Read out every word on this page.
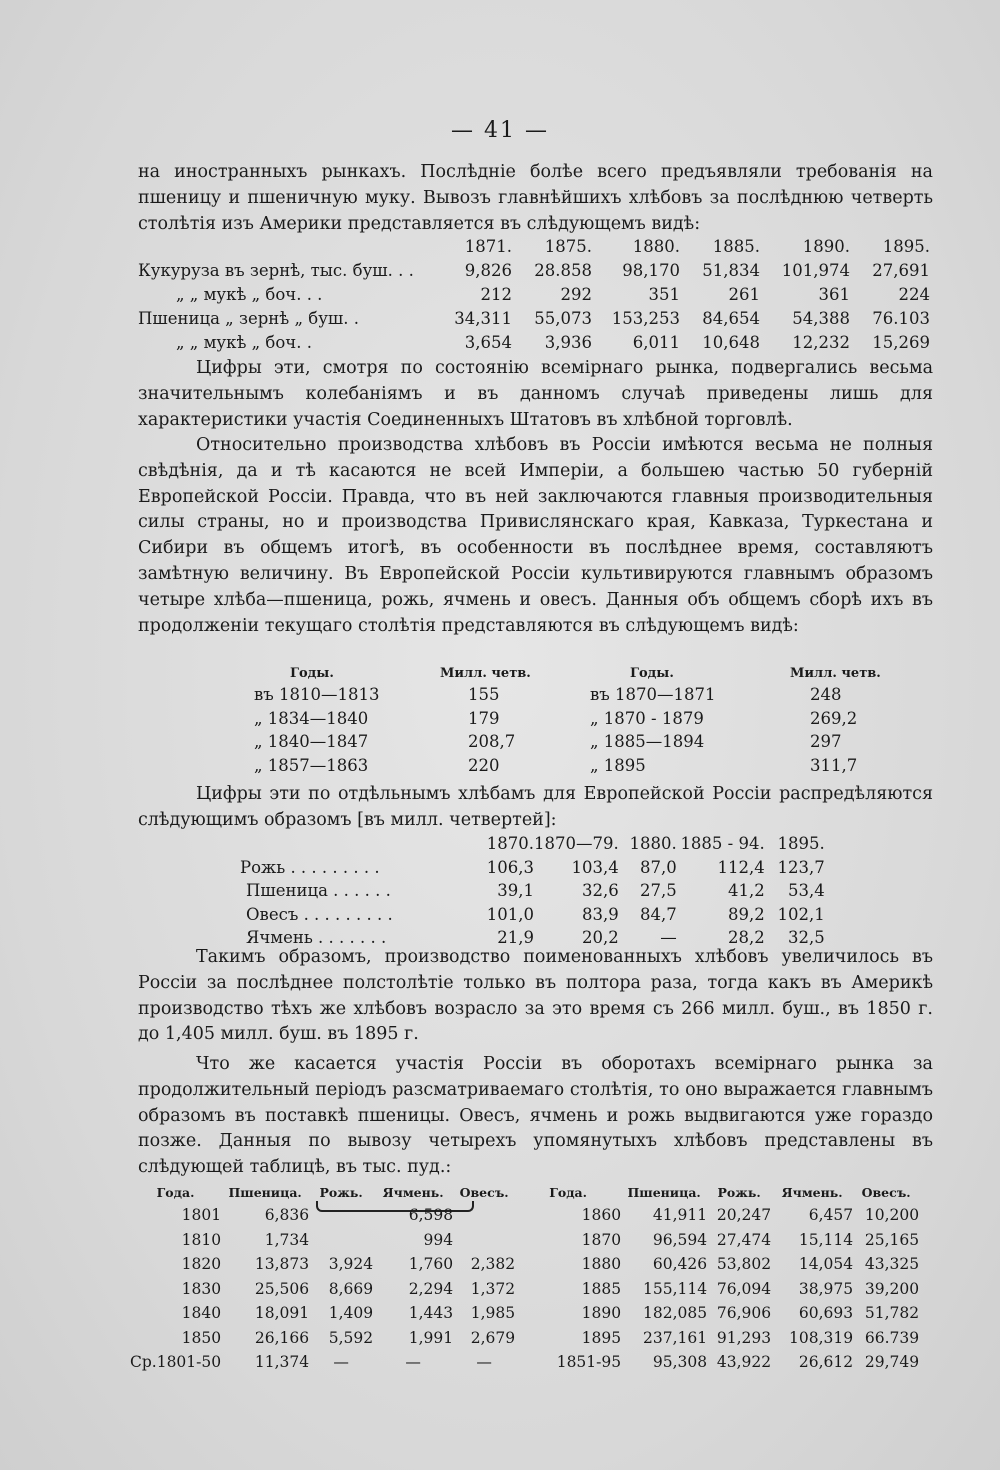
— 41 —
на иностранныхъ рынкахъ. Послѣднiе болѣе всего предъявляли требованiя на пшеницу и пшеничную муку. Вывозъ главнѣйшихъ хлѣбовъ за послѣднюю четверть столѣтiя изъ Америки представляется въ слѣдующемъ видѣ:
	1871.	1875.	1880.	1885.	1890.	1895.
Кукуруза въ зернѣ, тыс. буш. . .	9,826	28.858	98,170	51,834	101,974	27,691
„ „ мукѣ „ боч. . .	212	292	351	261	361	224
Пшеница „ зернѣ „ буш. .	34,311	55,073	153,253	84,654	54,388	76.103
„ „ мукѣ „ боч. .	3,654	3,936	6,011	10,648	12,232	15,269
Цифры эти, смотря по состоянiю всемiрнаго рынка, подвергались весьма значительнымъ колебанiямъ и въ данномъ случаѣ приведены лишь для характеристики участiя Соединенныхъ Штатовъ въ хлѣбной торговлѣ.
Относительно производства хлѣбовъ въ Россiи имѣются весьма не полныя свѣдѣнiя, да и тѣ касаются не всей Имперiи, а большею частью 50 губернiй Европейской Россiи. Правда, что въ ней заключаются главныя производительныя силы страны, но и производства Привислянскаго края, Кавказа, Туркестана и Сибири въ общемъ итогѣ, въ особенности въ послѣднее время, составляютъ замѣтную величину. Въ Европейской Россiи культивируются главнымъ образомъ четыре хлѣба—пшеница, рожь, ячмень и овесъ. Данныя объ общемъ сборѣ ихъ въ продолженiи текущаго столѣтiя представляются въ слѣдующемъ видѣ:
Годы.	Милл. четв.
въ 1810—1813	155
„ 1834—1840	179
„ 1840—1847	208,7
„ 1857—1863	220
Годы.	Милл. четв.
въ 1870—1871	248
„ 1870 - 1879	269,2
„ 1885—1894	297
„ 1895	311,7
Цифры эти по отдѣльнымъ хлѣбамъ для Европейской Россiи распредѣляются слѣдующимъ образомъ [въ милл. четвертей]:
	1870.	1870—79.	1880.	1885 - 94.	1895.
Рожь . . . . . . . . .	106,3	103,4	87,0	112,4	123,7
Пшеница . . . . . .	39,1	32,6	27,5	41,2	53,4
Овесъ . . . . . . . . .	101,0	83,9	84,7	89,2	102,1
Ячмень . . . . . . .	21,9	20,2	—	28,2	32,5
Такимъ образомъ, производство поименованныхъ хлѣбовъ увеличилось въ Россiи за послѣднее полстолѣтiе только въ полтора раза, тогда какъ въ Америкѣ производство тѣхъ же хлѣбовъ возрасло за это время съ 266 милл. буш., въ 1850 г. до 1,405 милл. буш. въ 1895 г.
Что же касается участiя Россiи въ оборотахъ всемiрнаго рынка за продолжительный перiодъ разсматриваемаго столѣтiя, то оно выражается главнымъ образомъ въ поставкѣ пшеницы. Овесъ, ячмень и рожь выдвигаются уже гораздо позже. Данныя по вывозу четырехъ упомянутыхъ хлѣбовъ представлены въ слѣдующей таблицѣ, въ тыс. пуд.:
Года.	Пшеница.	Рожь.	Ячмень.	Овесъ.	Года.	Пшеница.	Рожь.	Ячмень.	Овесъ.
1801	6,836		6,598		1860	41,911	20,247	6,457	10,200
1810	1,734		994		1870	96,594	27,474	15,114	25,165
1820	13,873	3,924	1,760	2,382	1880	60,426	53,802	14,054	43,325
1830	25,506	8,669	2,294	1,372	1885	155,114	76,094	38,975	39,200
1840	18,091	1,409	1,443	1,985	1890	182,085	76,906	60,693	51,782
1850	26,166	5,592	1,991	2,679	1895	237,161	91,293	108,319	66.739
Ср.1801-50	11,374	—	—	—	1851-95	95,308	43,922	26,612	29,749
